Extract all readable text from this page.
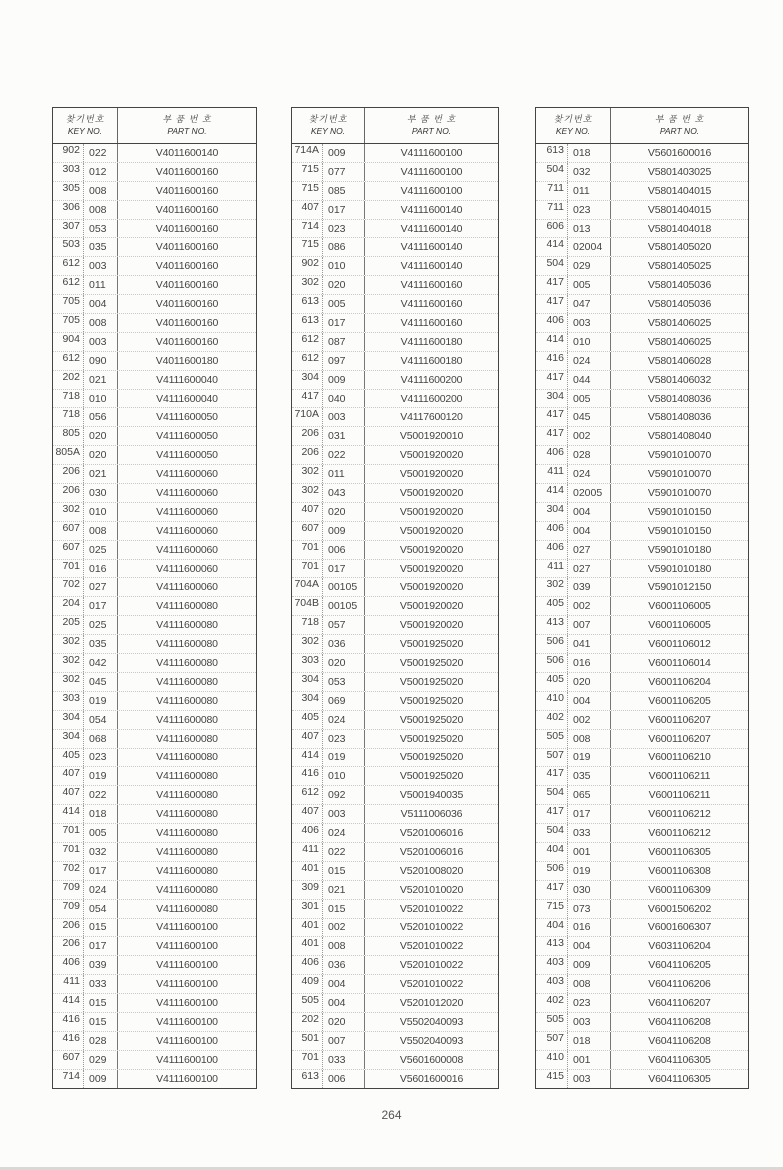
찾기번호
KEY NO.
부 품 번 호
PART NO.
902 022	V4011600140
303 012	V4011600160
305 008	V4011600160
306 008	V4011600160
307 053	V4011600160
503 035	V4011600160
612 003	V4011600160
612 011	V4011600160
705 004	V4011600160
705 008	V4011600160
904 003	V4011600160
612 090	V4011600180
202 021	V4111600040
718 010	V4111600040
718 056	V4111600050
805 020	V4111600050
805A 020	V4111600050
206 021	V4111600060
206 030	V4111600060
302 010	V4111600060
607 008	V4111600060
607 025	V4111600060
701 016	V4111600060
702 027	V4111600060
204 017	V4111600080
205 025	V4111600080
302 035	V4111600080
302 042	V4111600080
302 045	V4111600080
303 019	V4111600080
304 054	V4111600080
304 068	V4111600080
405 023	V4111600080
407 019	V4111600080
407 022	V4111600080
414 018	V4111600080
701 005	V4111600080
701 032	V4111600080
702 017	V4111600080
709 024	V4111600080
709 054	V4111600080
206 015	V4111600100
206 017	V4111600100
406 039	V4111600100
411 033	V4111600100
414 015	V4111600100
416 015	V4111600100
416 028	V4111600100
607 029	V4111600100
714 009	V4111600100
찾기번호
KEY NO.
부 품 번 호
PART NO.
714A 009	V4111600100
715 077	V4111600100
715 085	V4111600100
407 017	V4111600140
714 023	V4111600140
715 086	V4111600140
902 010	V4111600140
302 020	V4111600160
613 005	V4111600160
613 017	V4111600160
612 087	V4111600180
612 097	V4111600180
304 009	V4111600200
417 040	V4111600200
710A 003	V4117600120
206 031	V5001920010
206 022	V5001920020
302 011	V5001920020
302 043	V5001920020
407 020	V5001920020
607 009	V5001920020
701 006	V5001920020
701 017	V5001920020
704A 00105	V5001920020
704B 00105	V5001920020
718 057	V5001920020
302 036	V5001925020
303 020	V5001925020
304 053	V5001925020
304 069	V5001925020
405 024	V5001925020
407 023	V5001925020
414 019	V5001925020
416 010	V5001925020
612 092	V5001940035
407 003	V5111006036
406 024	V5201006016
411 022	V5201006016
401 015	V5201008020
309 021	V5201010020
301 015	V5201010022
401 002	V5201010022
401 008	V5201010022
406 036	V5201010022
409 004	V5201010022
505 004	V5201012020
202 020	V5502040093
501 007	V5502040093
701 033	V5601600008
613 006	V5601600016
찾기번호
KEY NO.
부 품 번 호
PART NO.
613 018	V5601600016
504 032	V5801403025
711 011	V5801404015
711 023	V5801404015
606 013	V5801404018
414 02004	V5801405020
504 029	V5801405025
417 005	V5801405036
417 047	V5801405036
406 003	V5801406025
414 010	V5801406025
416 024	V5801406028
417 044	V5801406032
304 005	V5801408036
417 045	V5801408036
417 002	V5801408040
406 028	V5901010070
411 024	V5901010070
414 02005	V5901010070
304 004	V5901010150
406 004	V5901010150
406 027	V5901010180
411 027	V5901010180
302 039	V5901012150
405 002	V6001106005
413 007	V6001106005
506 041	V6001106012
506 016	V6001106014
405 020	V6001106204
410 004	V6001106205
402 002	V6001106207
505 008	V6001106207
507 019	V6001106210
417 035	V6001106211
504 065	V6001106211
417 017	V6001106212
504 033	V6001106212
404 001	V6001106305
506 019	V6001106308
417 030	V6001106309
715 073	V6001506202
404 016	V6001606307
413 004	V6031106204
403 009	V6041106205
403 008	V6041106206
402 023	V6041106207
505 003	V6041106208
507 018	V6041106208
410 001	V6041106305
415 003	V6041106305
264
